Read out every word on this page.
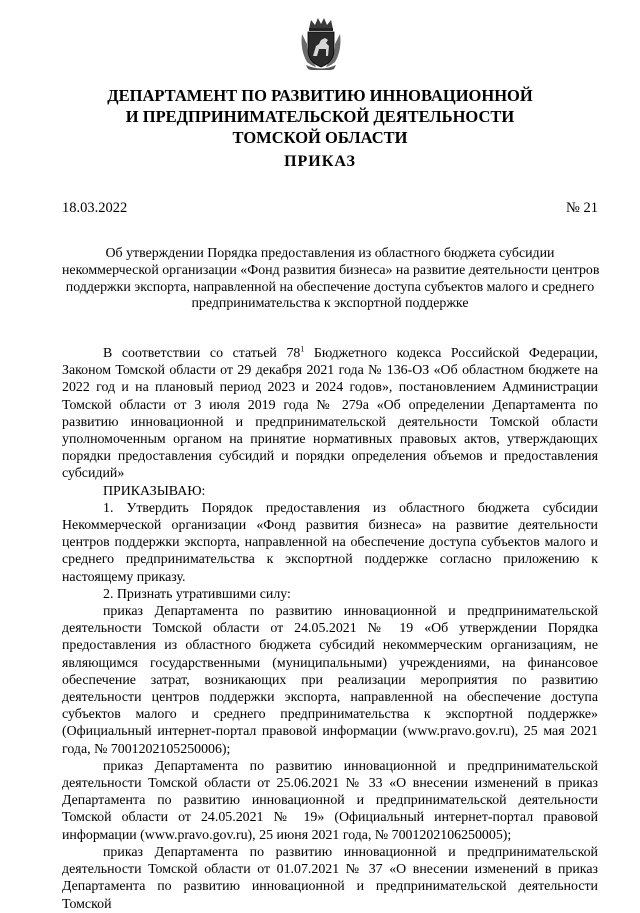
ДЕПАРТАМЕНТ ПО РАЗВИТИЮ ИННОВАЦИОННОЙ
И ПРЕДПРИНИМАТЕЛЬСКОЙ ДЕЯТЕЛЬНОСТИ
ТОМСКОЙ ОБЛАСТИ
ПРИКАЗ
18.03.2022	№ 21
Об утверждении Порядка предоставления из областного бюджета субсидии
некоммерческой организации «Фонд развития бизнеса» на развитие деятельности центров
поддержки экспорта, направленной на обеспечение доступа субъектов малого и среднего
предпринимательства к экспортной поддержке

В соответствии со статьей $78^1$ Бюджетного кодекса Российской Федерации, Законом Томской области от 29 декабря 2021 года № 136-ОЗ «Об областном бюджете на 2022 год и на плановый период 2023 и 2024 годов», постановлением Администрации Томской области от 3 июля 2019 года № 279а «Об определении Департамента по развитию инновационной и предпринимательской деятельности Томской области уполномоченным органом на принятие нормативных правовых актов, утверждающих порядки предоставления субсидий и порядки определения объемов и предоставления субсидий»

ПРИКАЗЫВАЮ:

1. Утвердить Порядок предоставления из областного бюджета субсидии Некоммерческой организации «Фонд развития бизнеса» на развитие деятельности центров поддержки экспорта, направленной на обеспечение доступа субъектов малого и среднего предпринимательства к экспортной поддержке согласно приложению к настоящему приказу.

2. Признать утратившими силу:

приказ Департамента по развитию инновационной и предпринимательской деятельности Томской области от 24.05.2021 № 19 «Об утверждении Порядка предоставления из областного бюджета субсидий некоммерческим организациям, не являющимся государственными (муниципальными) учреждениями, на финансовое обеспечение затрат, возникающих при реализации мероприятия по развитию деятельности центров поддержки экспорта, направленной на обеспечение доступа субъектов малого и среднего предпринимательства к экспортной поддержке» (Официальный интернет-портал правовой информации (www.pravo.gov.ru), 25 мая 2021 года, № 7001202105250006);

приказ Департамента по развитию инновационной и предпринимательской деятельности Томской области от 25.06.2021 № 33 «О внесении изменений в приказ Департамента по развитию инновационной и предпринимательской деятельности Томской области от 24.05.2021 № 19» (Официальный интернет-портал правовой информации (www.pravo.gov.ru), 25 июня 2021 года, № 7001202106250005);

приказ Департамента по развитию инновационной и предпринимательской деятельности Томской области от 01.07.2021 № 37 «О внесении изменений в приказ Департамента по развитию инновационной и предпринимательской деятельности Томской
